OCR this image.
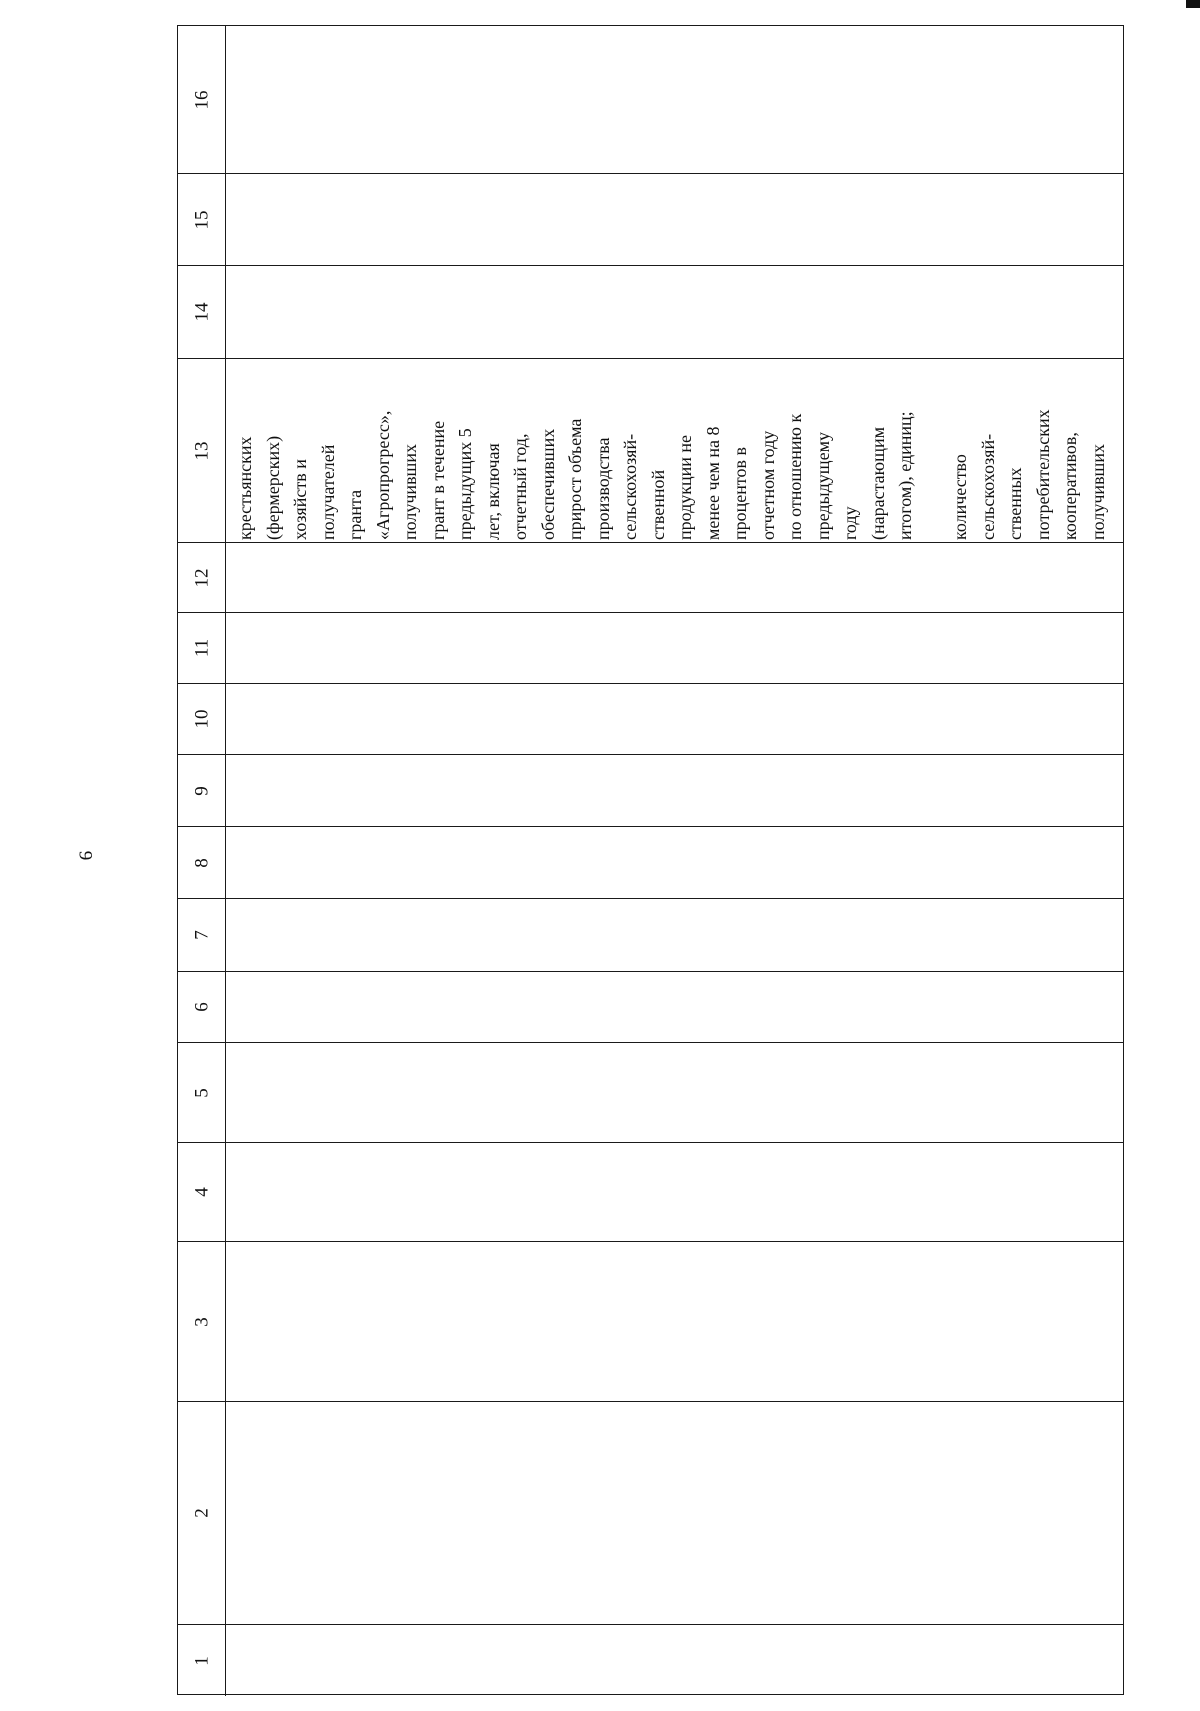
9
16
15
14
13 крестьянских (фермерских) хозяйств и получателей гранта «Агропрогресс», получивших грант в течение предыдущих 5 лет, включая отчетный год, обеспечивших прирост объема производства сельскохозяй- ственной продукции не менее чем на 8 процентов в отчетном году по отношению к предыдущему году (нарастающим итогом), единиц; количество сельскохозяй- ственных потребительских кооперативов, получивших
12
11
10
9
8
7
6
5
4
3
2
1
